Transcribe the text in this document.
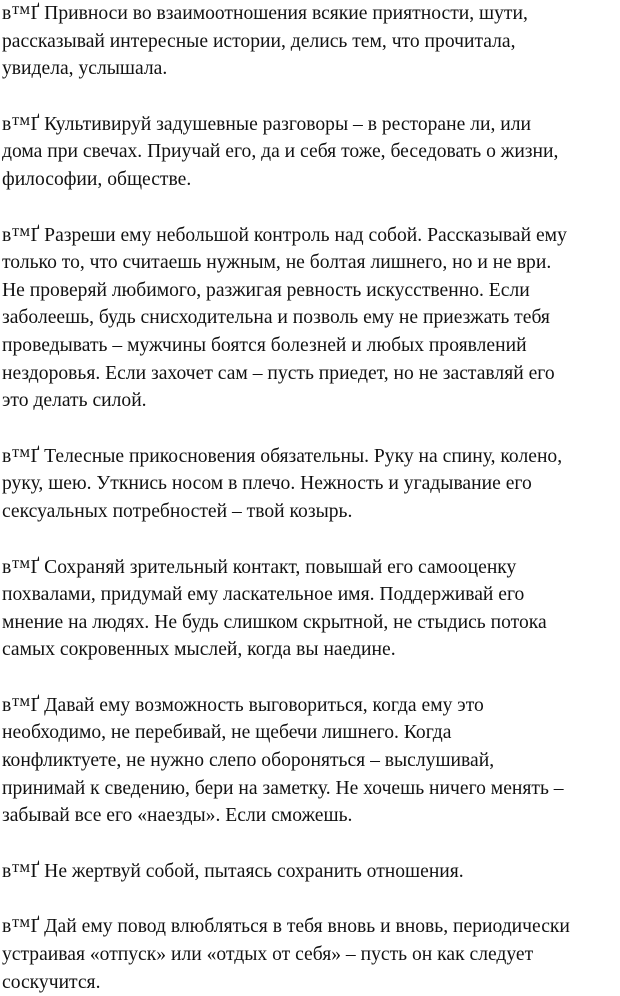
в™Ґ Привноси во взаимоотношения всякие приятности, шути,
рассказывай интересные истории, делись тем, что прочитала,
увидела, услышала.

в™Ґ Культивируй задушевные разговоры – в ресторане ли, или
дома при свечах. Приучай его, да и себя тоже, беседовать о жизни,
философии, обществе.

в™Ґ Разреши ему небольшой контроль над собой. Рассказывай ему
только то, что считаешь нужным, не болтая лишнего, но и не ври.
Не проверяй любимого, разжигая ревность искусственно. Если
заболеешь, будь снисходительна и позволь ему не приезжать тебя
проведывать – мужчины боятся болезней и любых проявлений
нездоровья. Если захочет сам – пусть приедет, но не заставляй его
это делать силой.

в™Ґ Телесные прикосновения обязательны. Руку на спину, колено,
руку, шею. Уткнись носом в плечо. Нежность и угадывание его
сексуальных потребностей – твой козырь.

в™Ґ Сохраняй зрительный контакт, повышай его самооценку
похвалами, придумай ему ласкательное имя. Поддерживай его
мнение на людях. Не будь слишком скрытной, не стыдись потока
самых сокровенных мыслей, когда вы наедине.

в™Ґ Давай ему возможность выговориться, когда ему это
необходимо, не перебивай, не щебечи лишнего. Когда
конфликтуете, не нужно слепо обороняться – выслушивай,
принимай к сведению, бери на заметку. Не хочешь ничего менять –
забывай все его «наезды». Если сможешь.

в™Ґ Не жертвуй собой, пытаясь сохранить отношения.

в™Ґ Дай ему повод влюбляться в тебя вновь и вновь, периодически
устраивая «отпуск» или «отдых от себя» – пусть он как следует
соскучится.
